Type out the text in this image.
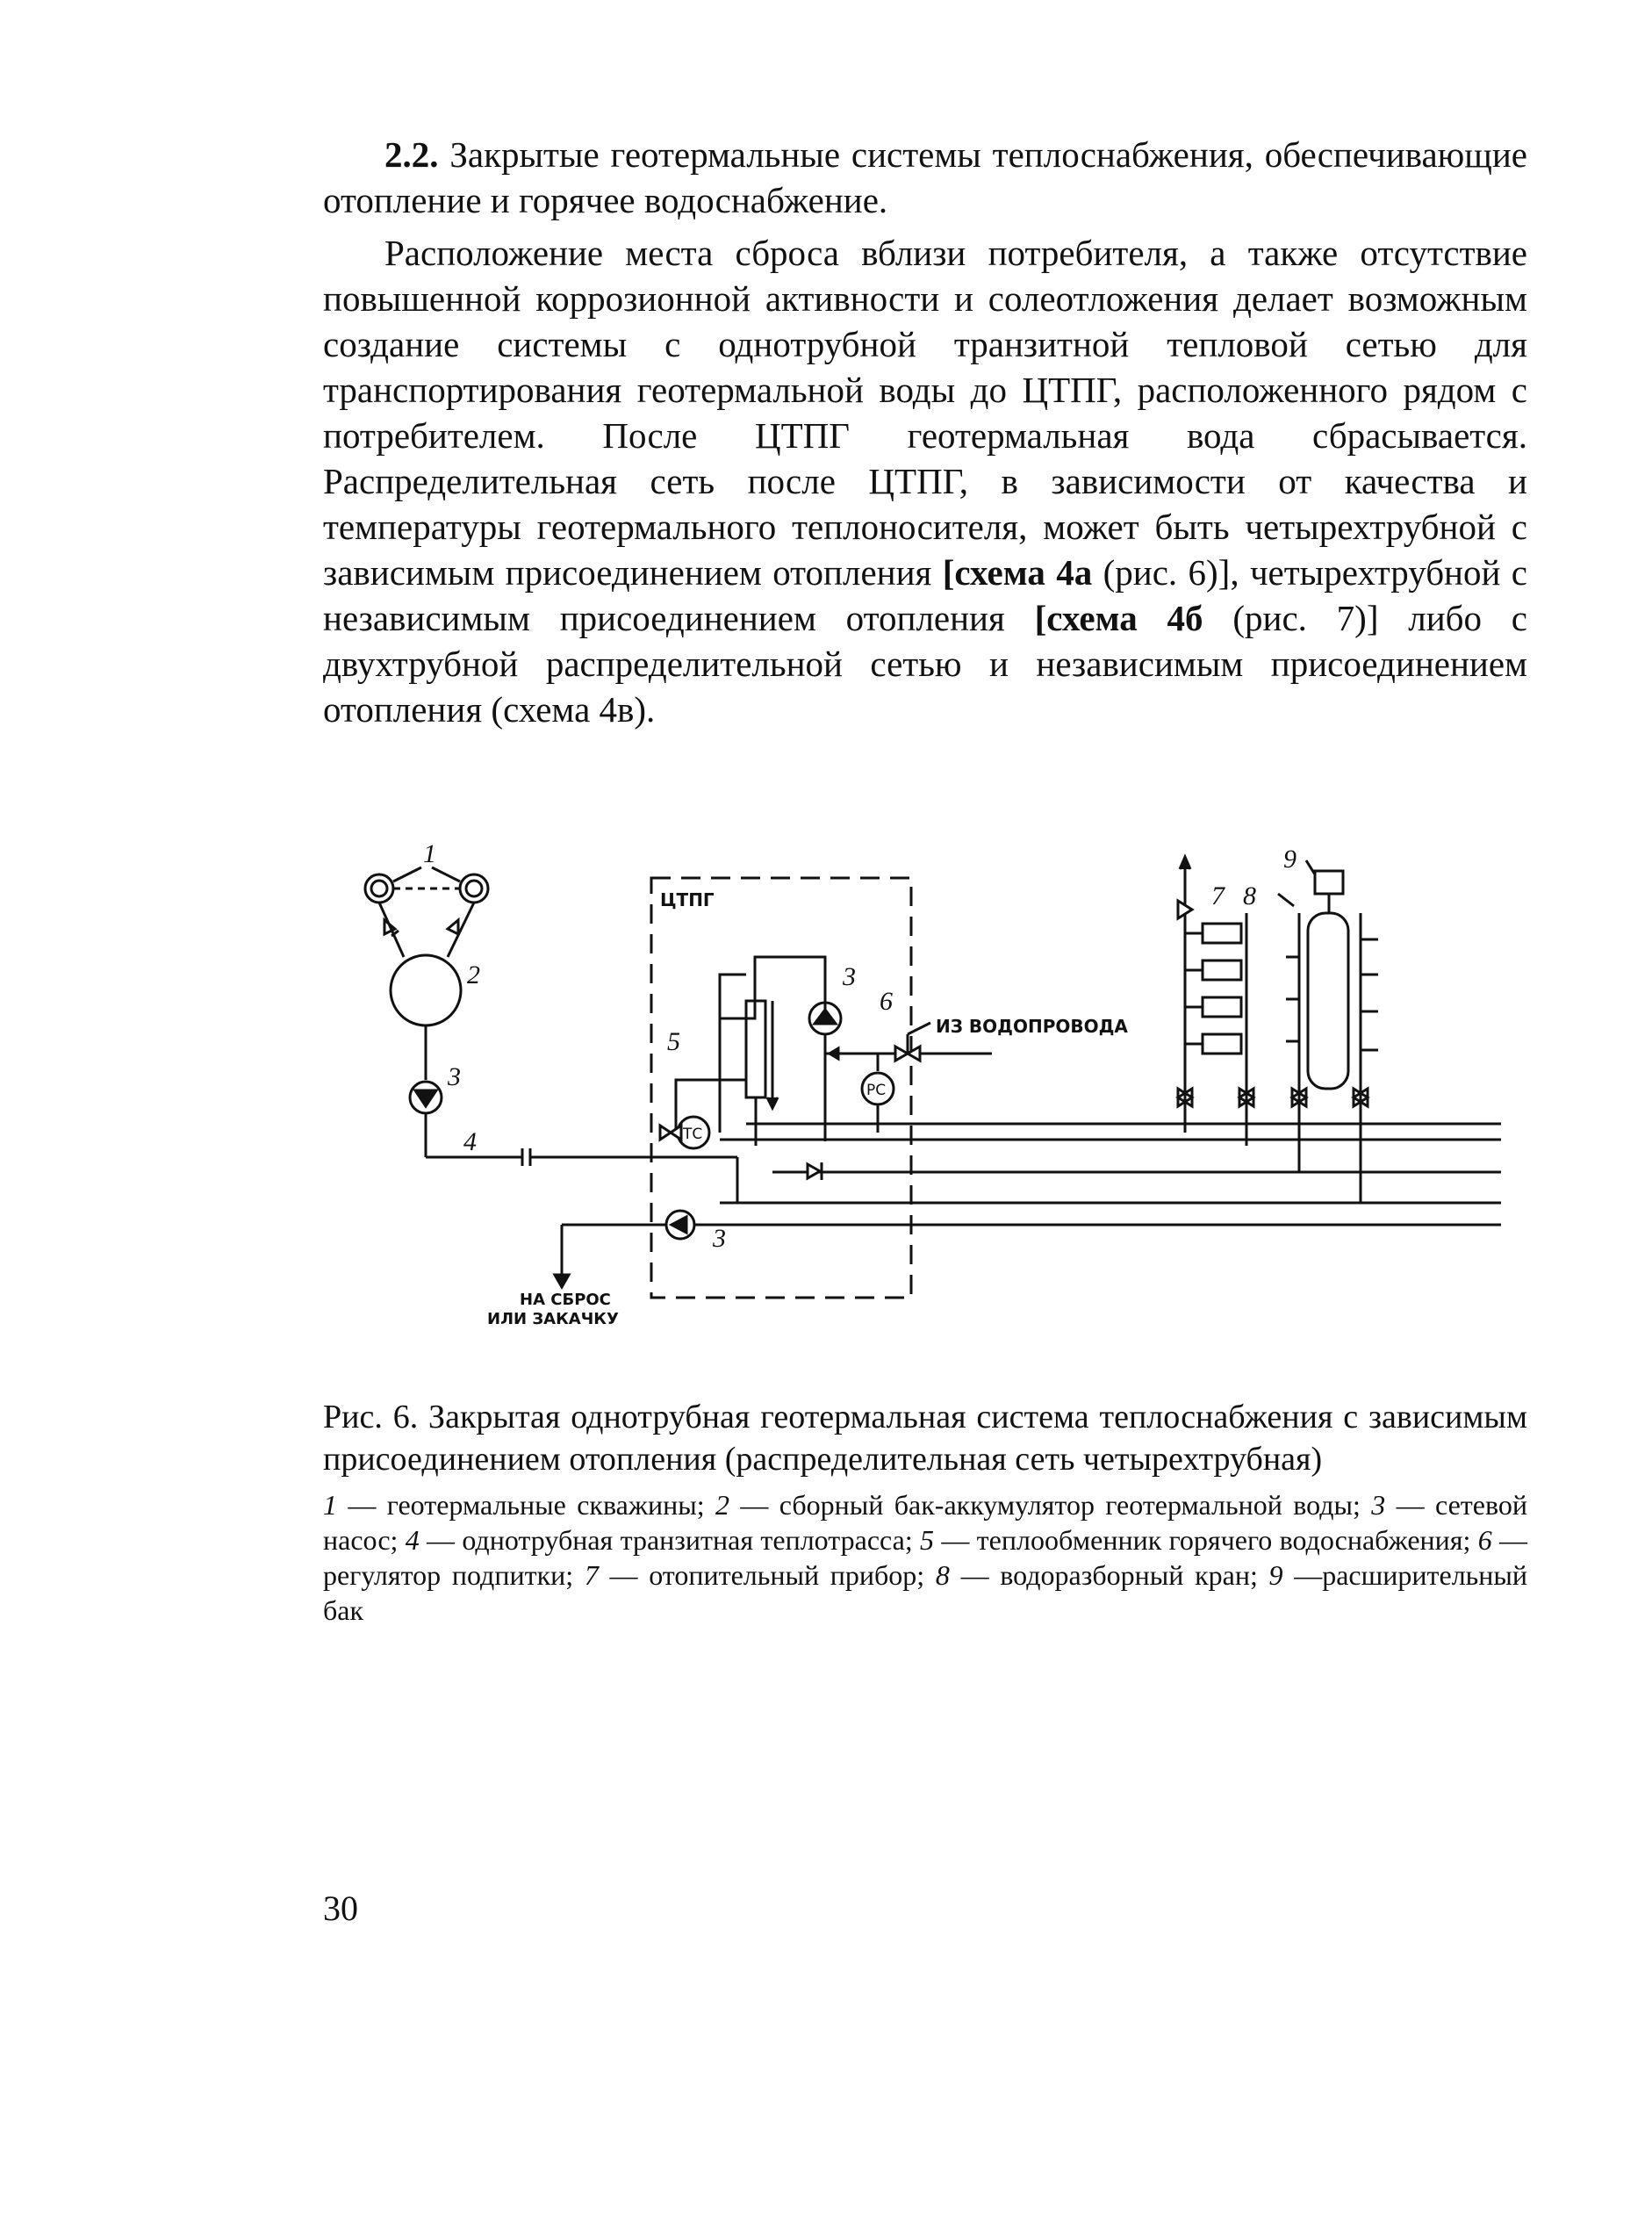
2.2. Закрытые геотермальные системы теплоснабжения, обеспечивающие отопление и горячее водоснабжение.

Расположение места сброса вблизи потребителя, а также отсутствие повышенной коррозионной активности и солеотложения делает возможным создание системы с однотрубной транзитной тепловой сетью для транспортирования геотермальной воды до ЦТПГ, расположенного рядом с потребителем. После ЦТПГ геотермальная вода сбрасывается. Распределительная сеть после ЦТПГ, в зависимости от качества и температуры геотермального теплоносителя, может быть четырехтрубной с зависимым присоединением отопления [схема 4а (рис. 6)], четырехтрубной с независимым присоединением отопления [схема 4б (рис. 7)] либо с двухтрубной распределительной сетью и независимым присоединением отопления (схема 4в).

ЦТПГ
ИЗ ВОДОПРОВОДА
НА СБРОС
ИЛИ ЗАКАЧКУ
ТС
РС
1
2
3
4
5
6
3
3
7 8
9

Рис. 6. Закрытая однотрубная геотермальная система теплоснабжения с зависимым присоединением отопления (распределительная сеть четырехтрубная)

1 — геотермальные скважины; 2 — сборный бак-аккумулятор геотермальной воды; 3 — сетевой насос; 4 — однотрубная транзитная теплотрасса; 5 — теплообменник горячего водоснабжения; 6 — регулятор подпитки; 7 — отопительный прибор; 8 — водоразборный кран; 9 —расширительный бак

30
